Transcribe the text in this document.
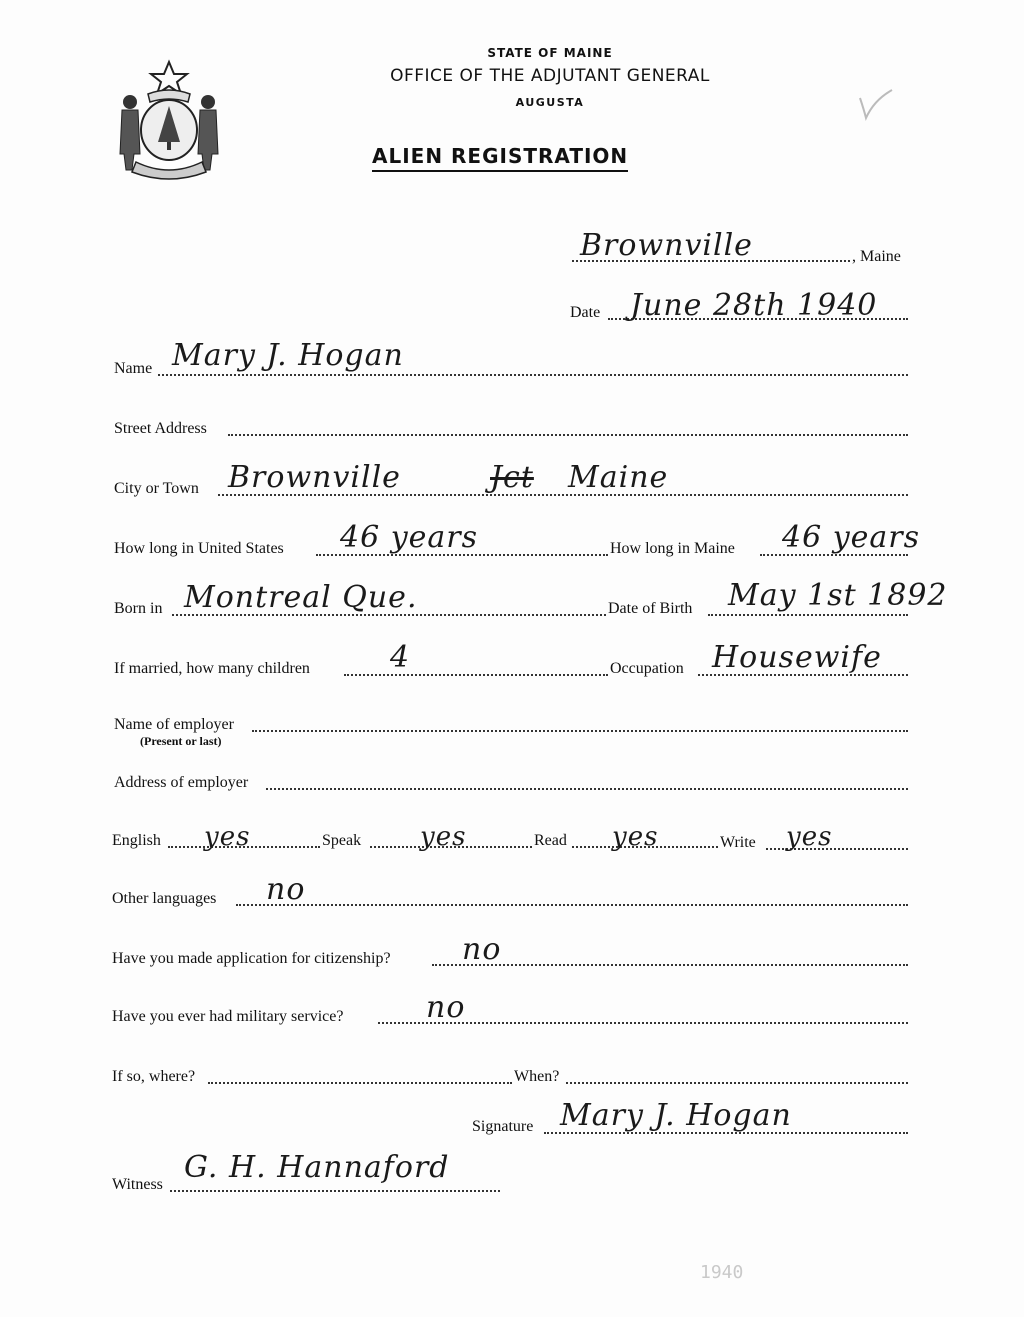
STATE OF MAINE
OFFICE OF THE ADJUTANT GENERAL
AUGUSTA
ALIEN REGISTRATION
Brownville	, Maine
Date June 28th 1940
Name Mary J. Hogan
Street Address
City or Town Brownville	Jct Maine
How long in United States 46 years	How long in Maine 46 years
Born in Montreal Que.	Date of Birth May 1st 1892
If married, how many children	4	Occupation Housewife
Name of employer
(Present or last)
Address of employer
English yes	Speak yes	Read yes	Write yes
Other languages no
Have you made application for citizenship? no
Have you ever had military service?	no
If so, where?	When?
Signature Mary J. Hogan
Witness G. H. Hannaford
1940
